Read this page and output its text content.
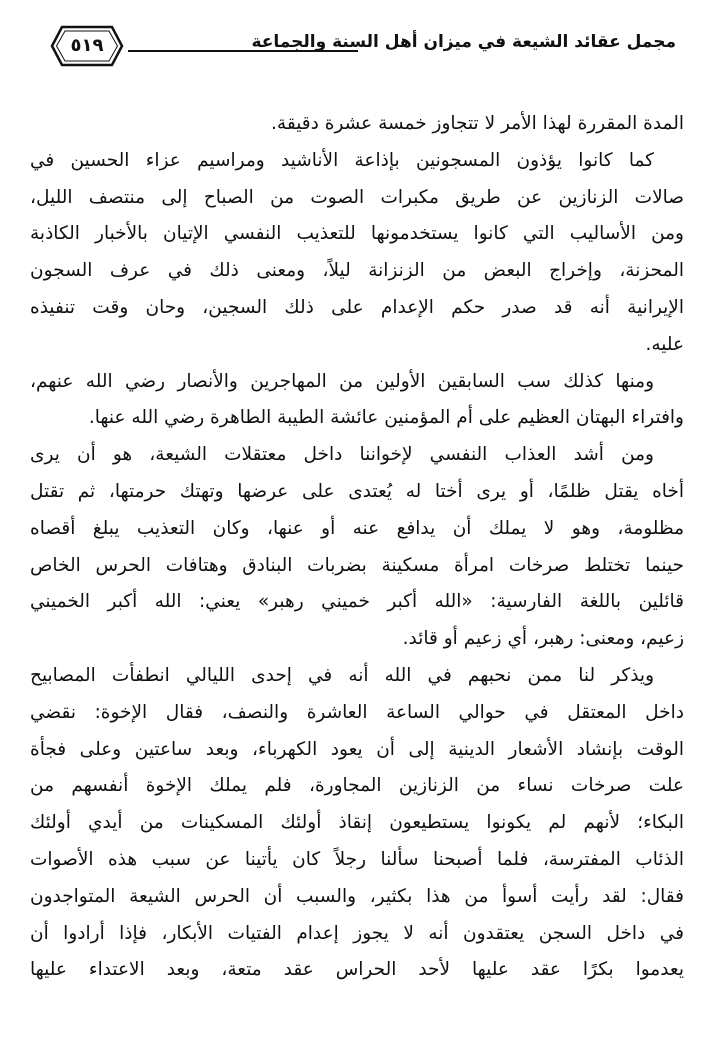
مجمل عقائد الشيعة في ميزان أهل السنة والجماعة
٥١٩
المدة المقررة لهذا الأمر لا تتجاوز خمسة عشرة دقيقة.
كما كانوا يؤذون المسجونين بإذاعة الأناشيد ومراسيم عزاء الحسين في
صالات الزنازين عن طريق مكبرات الصوت من الصباح إلى منتصف الليل،
ومن الأساليب التي كانوا يستخدمونها للتعذيب النفسي الإتيان بالأخبار الكاذبة
المحزنة، وإخراج البعض من الزنزانة ليلاً، ومعنى ذلك في عرف السجون
الإيرانية أنه قد صدر حكم الإعدام على ذلك السجين، وحان وقت تنفيذه
عليه.
ومنها كذلك سب السابقين الأولين من المهاجرين والأنصار رضي الله عنهم،
وافتراء البهتان العظيم على أم المؤمنين عائشة الطيبة الطاهرة رضي الله عنها.
ومن أشد العذاب النفسي لإخواننا داخل معتقلات الشيعة، هو أن يرى
أخاه يقتل ظلمًا، أو يرى أختا له يُعتدى على عرضها وتهتك حرمتها، ثم تقتل
مظلومة، وهو لا يملك أن يدافع عنه أو عنها، وكان التعذيب يبلغ أقصاه
حينما تختلط صرخات امرأة مسكينة بضربات البنادق وهتافات الحرس الخاص
قائلين باللغة الفارسية: «الله أكبر خميني رهبر» يعني: الله أكبر الخميني
زعيم، ومعنى: رهبر، أي زعيم أو قائد.
ويذكر لنا ممن نحبهم في الله أنه في إحدى الليالي انطفأت المصابيح
داخل المعتقل في حوالي الساعة العاشرة والنصف، فقال الإخوة: نقضي
الوقت بإنشاد الأشعار الدينية إلى أن يعود الكهرباء، وبعد ساعتين وعلى فجأة
علت صرخات نساء من الزنازين المجاورة، فلم يملك الإخوة أنفسهم من
البكاء؛ لأنهم لم يكونوا يستطيعون إنقاذ أولئك المسكينات من أيدي أولئك
الذئاب المفترسة، فلما أصبحنا سألنا رجلاً كان يأتينا عن سبب هذه الأصوات
فقال: لقد رأيت أسوأ من هذا بكثير، والسبب أن الحرس الشيعة المتواجدون
في داخل السجن يعتقدون أنه لا يجوز إعدام الفتيات الأبكار، فإذا أرادوا أن
يعدموا بكرًا عقد عليها لأحد الحراس عقد متعة، وبعد الاعتداء عليها
